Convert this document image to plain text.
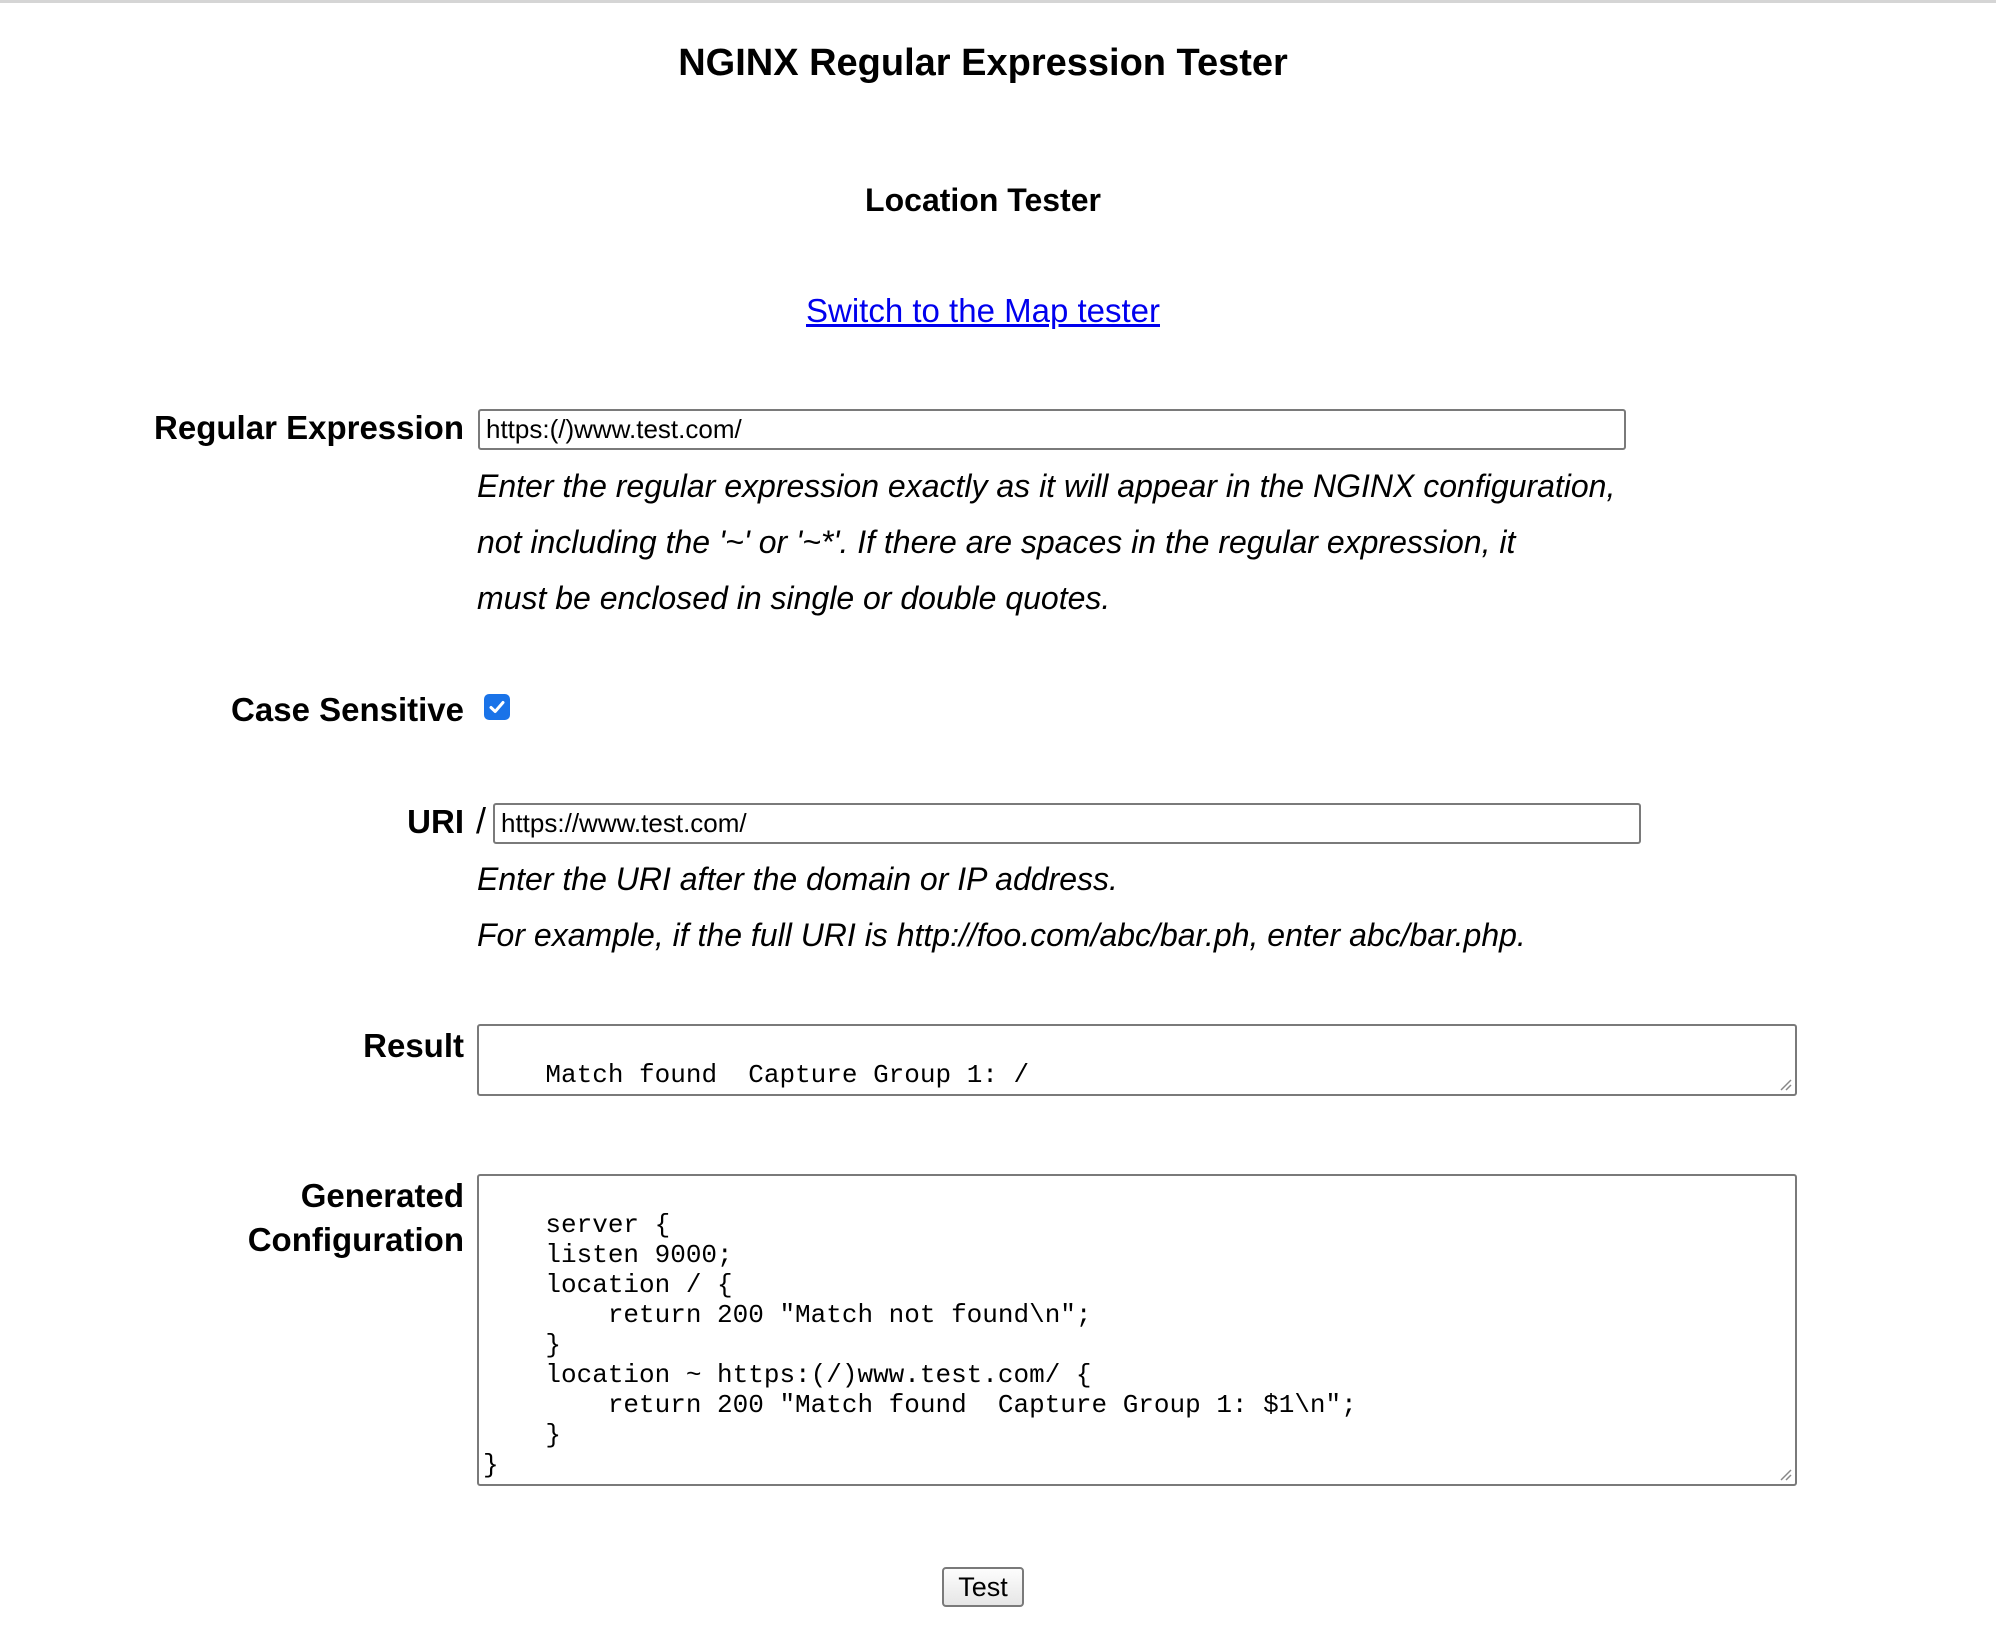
NGINX Regular Expression Tester
Location Tester
Switch to the Map tester
Regular Expression https:(/)www.test.com/
Enter the regular expression exactly as it will appear in the NGINX configuration,
not including the '~' or '~*'. If there are spaces in the regular expression, it
must be enclosed in single or double quotes.
Case Sensitive
URI / https://www.test.com/
Enter the URI after the domain or IP address.
For example, if the full URI is http://foo.com/abc/bar.ph, enter abc/bar.php.
Result

Match found  Capture Group 1: /

Generated
Configuration	server {
listen 9000;
location / {
return 200 "Match not found\n";
}
location ~ https:(/)www.test.com/ {
return 200 "Match found  Capture Group 1: $1\n";
}
}

Test
